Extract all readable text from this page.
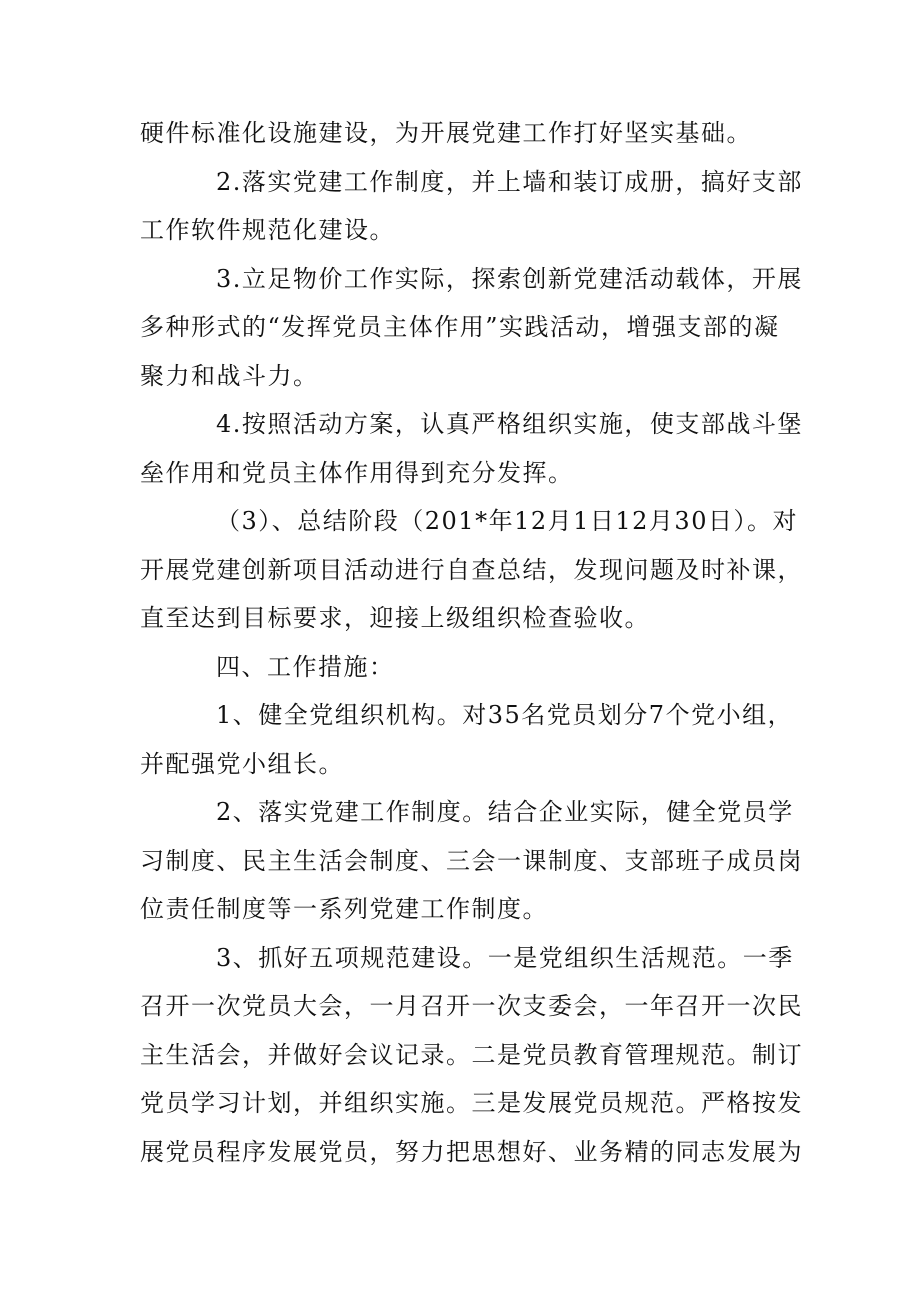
硬件标准化设施建设，为开展党建工作打好坚实基础。
2.落实党建工作制度，并上墙和装订成册，搞好支部
工作软件规范化建设。
3.立足物价工作实际，探索创新党建活动载体，开展
多种形式的“发挥党员主体作用”实践活动，增强支部的凝
聚力和战斗力。
4.按照活动方案，认真严格组织实施，使支部战斗堡
垒作用和党员主体作用得到充分发挥。
（3）、总结阶段（201*年12月1日12月30日）。对
开展党建创新项目活动进行自查总结，发现问题及时补课，
直至达到目标要求，迎接上级组织检查验收。
四、工作措施：
1、健全党组织机构。对35名党员划分7个党小组，
并配强党小组长。
2、落实党建工作制度。结合企业实际，健全党员学
习制度、民主生活会制度、三会一课制度、支部班子成员岗
位责任制度等一系列党建工作制度。
3、抓好五项规范建设。一是党组织生活规范。一季
召开一次党员大会，一月召开一次支委会，一年召开一次民
主生活会，并做好会议记录。二是党员教育管理规范。制订
党员学习计划，并组织实施。三是发展党员规范。严格按发
展党员程序发展党员，努力把思想好、业务精的同志发展为
